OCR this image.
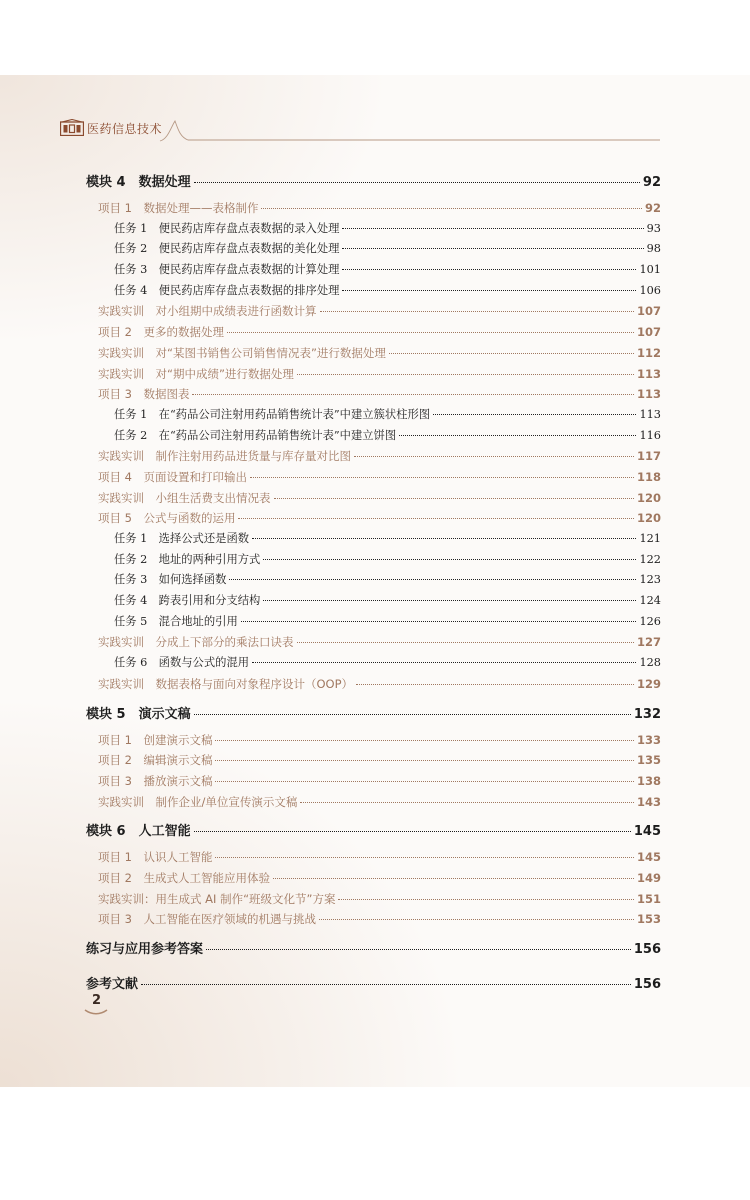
医药信息技术
模块 4　数据处理	92
项目 1　数据处理——表格制作	92
任务 1　便民药店库存盘点表数据的录入处理	93
任务 2　便民药店库存盘点表数据的美化处理	98
任务 3　便民药店库存盘点表数据的计算处理	101
任务 4　便民药店库存盘点表数据的排序处理	106
实践实训　对小组期中成绩表进行函数计算	107
项目 2　更多的数据处理	107
实践实训　对“某图书销售公司销售情况表”进行数据处理	112
实践实训　对“期中成绩”进行数据处理	113
项目 3　数据图表	113
任务 1　在“药品公司注射用药品销售统计表”中建立簇状柱形图	113
任务 2　在“药品公司注射用药品销售统计表”中建立饼图	116
实践实训　制作注射用药品进货量与库存量对比图	117
项目 4　页面设置和打印输出	118
实践实训　小组生活费支出情况表	120
项目 5　公式与函数的运用	120
任务 1　选择公式还是函数	121
任务 2　地址的两种引用方式	122
任务 3　如何选择函数	123
任务 4　跨表引用和分支结构	124
任务 5　混合地址的引用	126
实践实训　分成上下部分的乘法口诀表	127
任务 6　函数与公式的混用	128
实践实训　数据表格与面向对象程序设计（OOP）	129
模块 5　演示文稿	132
项目 1　创建演示文稿	133
项目 2　编辑演示文稿	135
项目 3　播放演示文稿	138
实践实训　制作企业/单位宣传演示文稿	143
模块 6　人工智能	145
项目 1　认识人工智能	145
项目 2　生成式人工智能应用体验	149
实践实训：用生成式 AI 制作“班级文化节”方案	151
项目 3　人工智能在医疗领域的机遇与挑战	153
练习与应用参考答案	156
参考文献	156
2
